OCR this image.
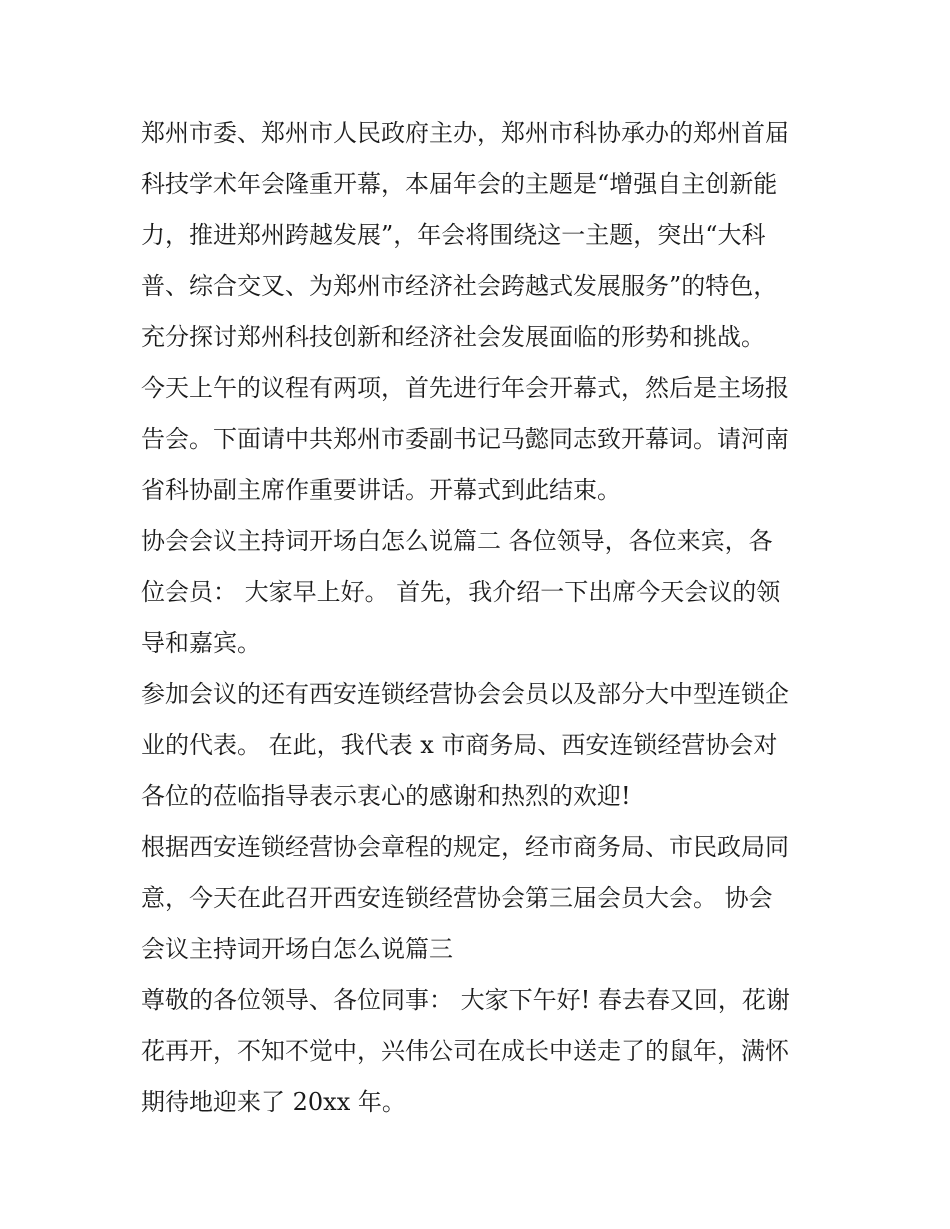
郑州市委、郑州市人民政府主办，郑州市科协承办的郑州首届
科技学术年会隆重开幕，本届年会的主题是“增强自主创新能
力，推进郑州跨越发展”，年会将围绕这一主题，突出“大科
普、综合交叉、为郑州市经济社会跨越式发展服务”的特色，
充分探讨郑州科技创新和经济社会发展面临的形势和挑战。
今天上午的议程有两项，首先进行年会开幕式，然后是主场报
告会。下面请中共郑州市委副书记马懿同志致开幕词。请河南
省科协副主席作重要讲话。开幕式到此结束。
协会会议主持词开场白怎么说篇二 各位领导，各位来宾，各
位会员： 大家早上好。 首先，我介绍一下出席今天会议的领
导和嘉宾。
参加会议的还有西安连锁经营协会会员以及部分大中型连锁企
业的代表。 在此，我代表 x 市商务局、西安连锁经营协会对
各位的莅临指导表示衷心的感谢和热烈的欢迎!
根据西安连锁经营协会章程的规定，经市商务局、市民政局同
意，今天在此召开西安连锁经营协会第三届会员大会。 协会
会议主持词开场白怎么说篇三
尊敬的各位领导、各位同事： 大家下午好! 春去春又回，花谢
花再开，不知不觉中，兴伟公司在成长中送走了的鼠年，满怀
期待地迎来了 20xx 年。
